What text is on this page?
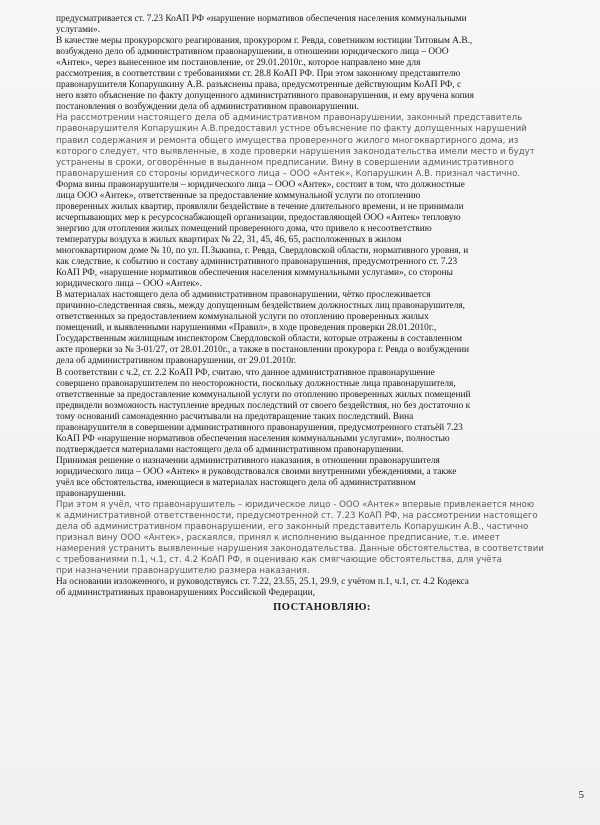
предусматривается ст. 7.23 КоАП РФ «нарушение нормативов обеспечения населения коммунальными
услугами».

В качестве меры прокурорского реагирования, прокурором г. Ревда, советником юстиции Титовым А.В.,
возбуждено дело об административном правонарушении, в отношении юридического лица – ООО
«Антек», через вынесенное им постановление, от 29.01.2010г., которое направлено мне для
рассмотрения, в соответствии с требованиями ст. 28.8 КоАП РФ. При этом законному представителю
правонарушителя Копарушкину А.В. разъяснены права, предусмотренные действующим КоАП РФ, с
него взято объяснение по факту допущенного административного правонарушения, и ему вручена копия
постановления о возбуждении дела об административном правонарушении.

На рассмотрении настоящего дела об административном правонарушении, законный представитель
правонарушителя Копарушкин А.В.предоставил устное объяснение по факту допущенных нарушений
правил содержания и ремонта общего имущества проверенного жилого многоквартирного дома, из
которого следует, что выявленные, в ходе проверки нарушения законодательства имели место и будут
устранены в сроки, оговорённые в выданном предписании. Вину в совершении административного
правонарушения со стороны юридического лица – ООО «Антек», Копарушкин А.В. признал частично.

Форма вины правонарушителя – юридического лица – ООО «Антек», состоит в том, что должностные
лица ООО «Антек», ответственные за предоставление коммунальной услуги по отоплению
проверенных жилых квартир, проявляли бездействие в течение длительного времени, и не принимали
исчерпывающих мер к ресурсоснабжающей организации, предоставляющей ООО «Антек» тепловую
энергию для отопления жилых помещений проверенного дома, что привело к несоответствию
температуры воздуха в жилых квартирах № 22, 31, 45, 46, 65, расположенных в жилом
многоквартирном доме № 10, по ул. П.Зыкина, г. Ревда, Свердловской области, нормативного уровня, и
как следствие, к событию и составу административного правонарушения, предусмотренного ст. 7.23
КоАП РФ, «нарушение нормативов обеспечения населения коммунальными услугами», со стороны
юридического лица – ООО «Антек».

В материалах настоящего дела об административном правонарушении, чётко прослеживается
причинно-следственная связь, между допущенным бездействием должностных лиц правонарушителя,
ответственных за предоставлением коммунальной услуги по отоплению проверенных жилых
помещений, и выявленными нарушениями «Правил», в ходе проведения проверки 28.01.2010г.,
Государственным жилищным инспектором Свердловской области, которые отражены в составленном
акте проверки за № 3-01/27, от 28.01.2010г., а также в постановлении прокурора г. Ревда о возбуждении
дела об административном правонарушении, от 29.01.2010г.

В соответствии с ч.2, ст. 2.2 КоАП РФ, считаю, что данное административное правонарушение
совершено правонарушителем по неосторожности, поскольку должностные лица правонарушителя,
ответственные за предоставление коммунальной услуги по отоплению проверенных жилых помещений
предвидели возможность наступление вредных последствий от своего бездействия, но без достаточно к
тому оснований самонадеянно расчитывали на предотвращение таких последствий. Вина
правонарушителя в совершении административного правонарушения, предусмотренного статьёй 7.23
КоАП РФ «нарушение нормативов обеспечения населения коммунальными услугами», полностью
подтверждается материалами настоящего дела об административном правонарушении.

Принимая решение о назначении административного наказания, в отношении правонарушителя
юридического лица – ООО «Антек» я руководствовался своими внутренними убеждениями, а также
учёл все обстоятельства, имеющиеся в материалах настоящего дела об административном
правонарушении.

При этом я учёл, что правонарушитель – юридическое лицо - ООО «Антек» впервые привлекается мною
к административной ответственности, предусмотренной ст. 7.23 КоАП РФ, на рассмотрении настоящего
дела об административном правонарушении, его законный представитель Копарушкин А.В., частично
признал вину ООО «Антек», раскаялся, принял к исполнению выданное предписание, т.е. имеет
намерения устранить выявленные нарушения законодательства. Данные обстоятельства, в соответствии
с требованиями п.1, ч.1, ст. 4.2 КоАП РФ, я оцениваю как смягчающие обстоятельства, для учёта
при назначении правонарушителю размера наказания.

На основании изложенного, и руководствуясь ст. 7.22, 23.55, 25.1, 29.9, с учётом п.1, ч.1, ст. 4.2 Кодекса
об административных правонарушениях Российской Федерации,

ПОСТАНОВЛЯЮ:
5
